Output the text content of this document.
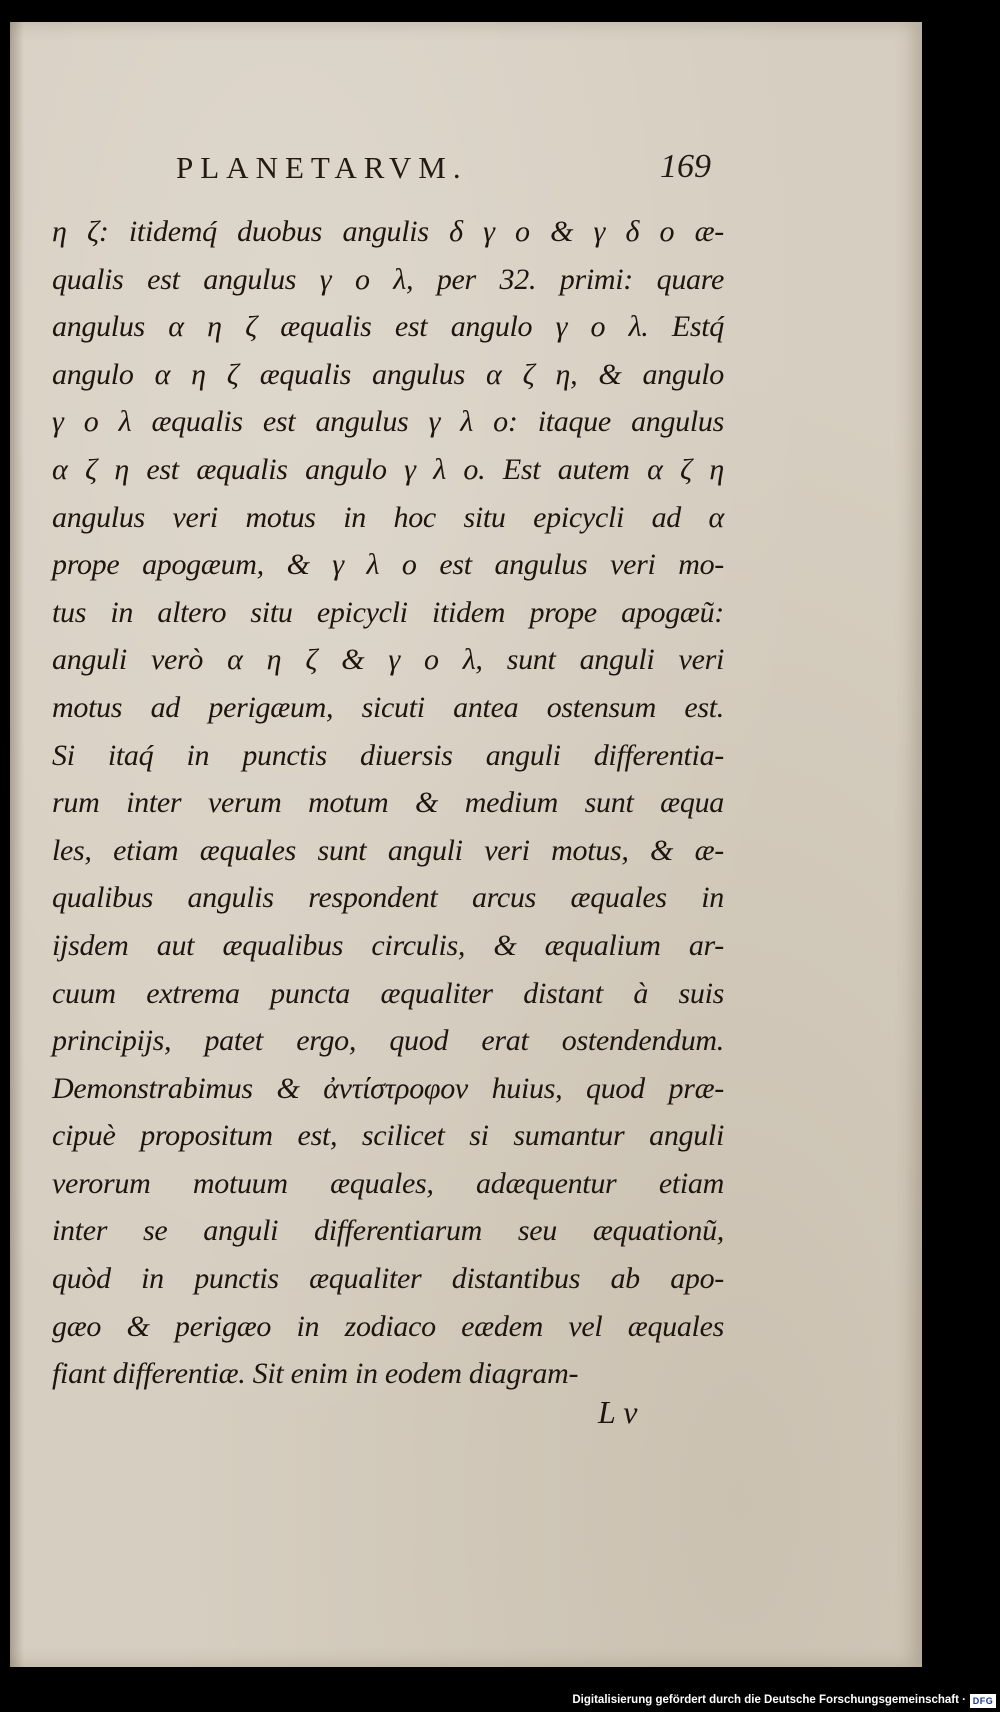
PLANETARVM.	169
η ζ: itidemq́ duobus angulis δ γ ο & γ δ ο æ-
qualis est angulus γ ο λ, per 32. primi: quare
angulus α η ζ æqualis est angulo γ ο λ. Estq́
angulo α η ζ æqualis angulus α ζ η, & angulo
γ ο λ æqualis est angulus γ λ ο: itaque angulus
α ζ η est æqualis angulo γ λ ο. Est autem α ζ η
angulus veri motus in hoc situ epicycli ad α
prope apogæum, & γ λ ο est angulus veri mo-
tus in altero situ epicycli itidem prope apogæũ:
anguli verò α η ζ & γ ο λ, sunt anguli veri
motus ad perigæum, sicuti antea ostensum est.
Si itaq́ in punctis diuersis anguli differentia-
rum inter verum motum & medium sunt æqua
les, etiam æquales sunt anguli veri motus, & æ-
qualibus angulis respondent arcus æquales in
ijsdem aut æqualibus circulis, & æqualium ar-
cuum extrema puncta æqualiter distant à suis
principijs, patet ergo, quod erat ostendendum.
Demonstrabimus & ἀντίστροφον huius, quod præ-
cipuè propositum est, scilicet si sumantur anguli
verorum motuum æquales, adæquentur etiam
inter se anguli differentiarum seu æquationũ,
quòd in punctis æqualiter distantibus ab apo-
gæo & perigæo in zodiaco eædem vel æquales
fiant differentiæ. Sit enim in eodem diagram-
L v
Digitalisierung gefördert durch die Deutsche Forschungsgemeinschaft · DFG
